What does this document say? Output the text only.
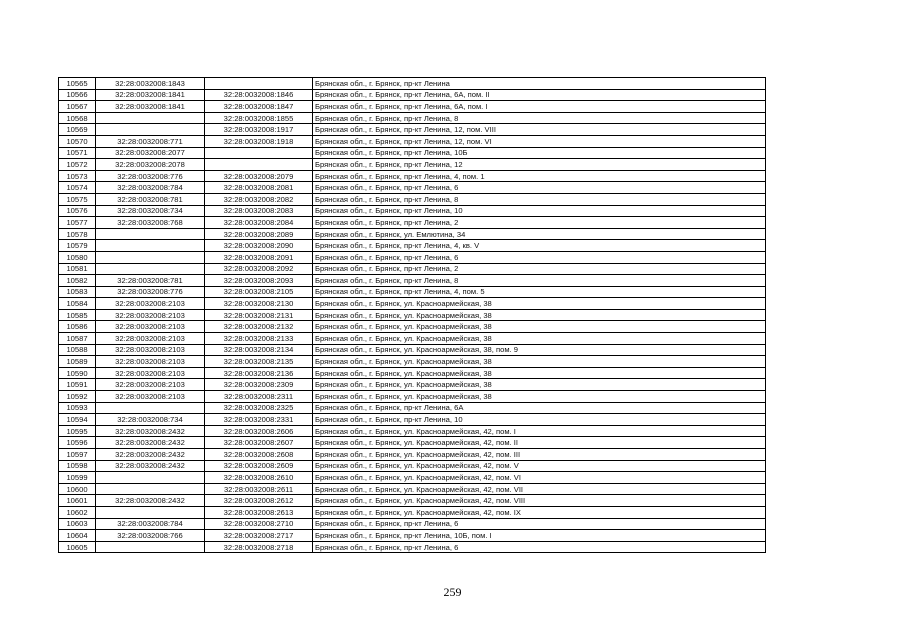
10565	32:28:0032008:1843		Брянская обл., г. Брянск, пр-кт Ленина
10566	32:28:0032008:1841	32:28:0032008:1846	Брянская обл., г. Брянск, пр-кт Ленина, 6А, пом. II
10567	32:28:0032008:1841	32:28:0032008:1847	Брянская обл., г. Брянск, пр-кт Ленина, 6А, пом. I
10568		32:28:0032008:1855	Брянская обл., г. Брянск, пр-кт Ленина, 8
10569		32:28:0032008:1917	Брянская обл., г. Брянск, пр-кт Ленина, 12, пом. VIII
10570	32:28:0032008:771	32:28:0032008:1918	Брянская обл., г. Брянск, пр-кт Ленина, 12, пом. VI
10571	32:28:0032008:2077		Брянская обл., г. Брянск, пр-кт Ленина, 10Б
10572	32:28:0032008:2078		Брянская обл., г. Брянск, пр-кт Ленина, 12
10573	32:28:0032008:776	32:28:0032008:2079	Брянская обл., г. Брянск, пр-кт Ленина, 4, пом. 1
10574	32:28:0032008:784	32:28:0032008:2081	Брянская обл., г. Брянск, пр-кт Ленина, 6
10575	32:28:0032008:781	32:28:0032008:2082	Брянская обл., г. Брянск, пр-кт Ленина, 8
10576	32:28:0032008:734	32:28:0032008:2083	Брянская обл., г. Брянск, пр-кт Ленина, 10
10577	32:28:0032008:768	32:28:0032008:2084	Брянская обл., г. Брянск, пр-кт Ленина, 2
10578		32:28:0032008:2089	Брянская обл., г. Брянск, ул. Емлютина, 34
10579		32:28:0032008:2090	Брянская обл., г. Брянск, пр-кт Ленина, 4, кв. V
10580		32:28:0032008:2091	Брянская обл., г. Брянск, пр-кт Ленина, 6
10581		32:28:0032008:2092	Брянская обл., г. Брянск, пр-кт Ленина, 2
10582	32:28:0032008:781	32:28:0032008:2093	Брянская обл., г. Брянск, пр-кт Ленина, 8
10583	32:28:0032008:776	32:28:0032008:2105	Брянская обл., г. Брянск, пр-кт Ленина, 4, пом. 5
10584	32:28:0032008:2103	32:28:0032008:2130	Брянская обл., г. Брянск, ул. Красноармейская, 38
10585	32:28:0032008:2103	32:28:0032008:2131	Брянская обл., г. Брянск, ул. Красноармейская, 38
10586	32:28:0032008:2103	32:28:0032008:2132	Брянская обл., г. Брянск, ул. Красноармейская, 38
10587	32:28:0032008:2103	32:28:0032008:2133	Брянская обл., г. Брянск, ул. Красноармейская, 38
10588	32:28:0032008:2103	32:28:0032008:2134	Брянская обл., г. Брянск, ул. Красноармейская, 38, пом. 9
10589	32:28:0032008:2103	32:28:0032008:2135	Брянская обл., г. Брянск, ул. Красноармейская, 38
10590	32:28:0032008:2103	32:28:0032008:2136	Брянская обл., г. Брянск, ул. Красноармейская, 38
10591	32:28:0032008:2103	32:28:0032008:2309	Брянская обл., г. Брянск, ул. Красноармейская, 38
10592	32:28:0032008:2103	32:28:0032008:2311	Брянская обл., г. Брянск, ул. Красноармейская, 38
10593		32:28:0032008:2325	Брянская обл., г. Брянск, пр-кт Ленина, 6А
10594	32:28:0032008:734	32:28:0032008:2331	Брянская обл., г. Брянск, пр-кт Ленина, 10
10595	32:28:0032008:2432	32:28:0032008:2606	Брянская обл., г. Брянск, ул. Красноармейская, 42, пом. I
10596	32:28:0032008:2432	32:28:0032008:2607	Брянская обл., г. Брянск, ул. Красноармейская, 42, пом. II
10597	32:28:0032008:2432	32:28:0032008:2608	Брянская обл., г. Брянск, ул. Красноармейская, 42, пом. III
10598	32:28:0032008:2432	32:28:0032008:2609	Брянская обл., г. Брянск, ул. Красноармейская, 42, пом. V
10599		32:28:0032008:2610	Брянская обл., г. Брянск, ул. Красноармейская, 42, пом. VI
10600		32:28:0032008:2611	Брянская обл., г. Брянск, ул. Красноармейская, 42, пом. VII
10601	32:28:0032008:2432	32:28:0032008:2612	Брянская обл., г. Брянск, ул. Красноармейская, 42, пом. VIII
10602		32:28:0032008:2613	Брянская обл., г. Брянск, ул. Красноармейская, 42, пом. IX
10603	32:28:0032008:784	32:28:0032008:2710	Брянская обл., г. Брянск, пр-кт Ленина, 6
10604	32:28:0032008:766	32:28:0032008:2717	Брянская обл., г. Брянск, пр-кт Ленина, 10Б, пом. I
10605		32:28:0032008:2718	Брянская обл., г. Брянск, пр-кт Ленина, 6
259
